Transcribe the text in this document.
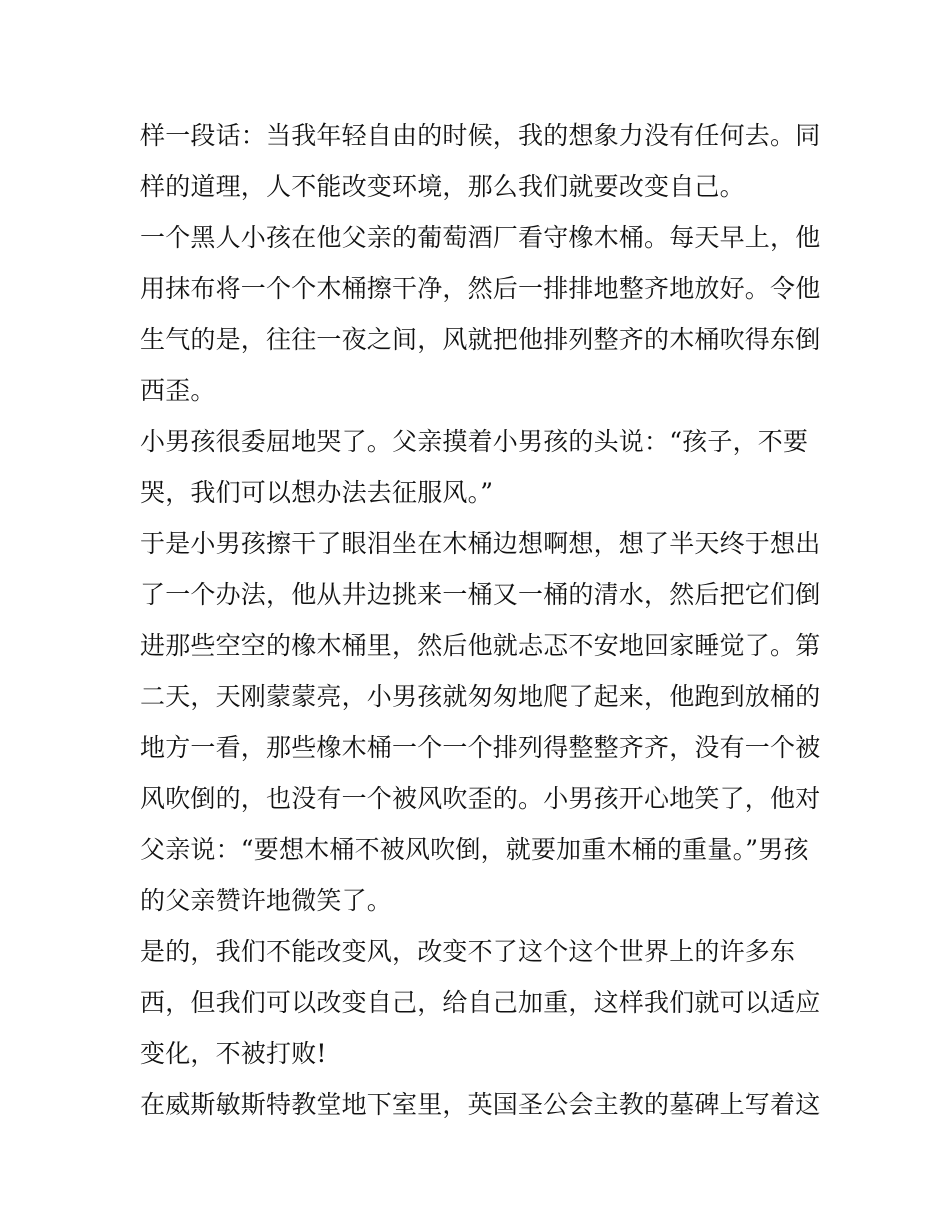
样一段话：当我年轻自由的时候，我的想象力没有任何去。同
样的道理，人不能改变环境，那么我们就要改变自己。
一个黑人小孩在他父亲的葡萄酒厂看守橡木桶。每天早上，他
用抹布将一个个木桶擦干净，然后一排排地整齐地放好。令他
生气的是，往往一夜之间，风就把他排列整齐的木桶吹得东倒
西歪。
小男孩很委屈地哭了。父亲摸着小男孩的头说：“孩子，不要
哭，我们可以想办法去征服风。”
于是小男孩擦干了眼泪坐在木桶边想啊想，想了半天终于想出
了一个办法，他从井边挑来一桶又一桶的清水，然后把它们倒
进那些空空的橡木桶里，然后他就忐忑不安地回家睡觉了。第
二天，天刚蒙蒙亮，小男孩就匆匆地爬了起来，他跑到放桶的
地方一看，那些橡木桶一个一个排列得整整齐齐，没有一个被
风吹倒的，也没有一个被风吹歪的。小男孩开心地笑了，他对
父亲说：“要想木桶不被风吹倒，就要加重木桶的重量。”男孩
的父亲赞许地微笑了。
是的，我们不能改变风，改变不了这个这个世界上的许多东
西，但我们可以改变自己，给自己加重，这样我们就可以适应
变化，不被打败!
在威斯敏斯特教堂地下室里，英国圣公会主教的墓碑上写着这
